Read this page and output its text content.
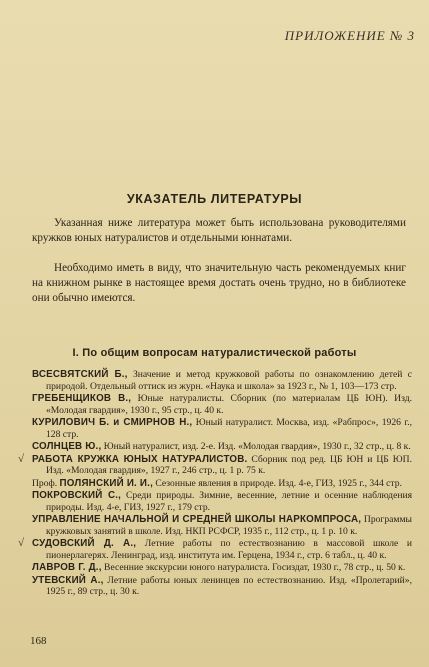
ПРИЛОЖЕНИЕ № 3
УКАЗАТЕЛЬ ЛИТЕРАТУРЫ

Указанная ниже литература может быть использована руководителями кружков юных натуралистов и отдельными юннатами.

Необходимо иметь в виду, что значительную часть рекомендуемых книг на книжном рынке в настоящее время достать очень трудно, но в библиотеке они обычно имеются.

I. По общим вопросам натуралистической работы
ВСЕСВЯТСКИЙ Б., Значение и метод кружковой работы по ознакомлению детей с природой. Отдельный оттиск из журн. «Наука и школа» за 1923 г., № 1, 103—173 стр.
ГРЕБЕНЩИКОВ В., Юные натуралисты. Сборник (по материалам ЦБ ЮН). Изд. «Молодая гвардия», 1930 г., 95 стр., ц. 40 к.
КУРИЛОВИЧ Б. и СМИРНОВ Н., Юный натуралист. Москва, изд. «Рабпрос», 1926 г., 128 стр.
СОЛНЦЕВ Ю., Юный натуралист, изд. 2-е. Изд. «Молодая гвардия», 1930 г., 32 стр., ц. 8 к.
√ РАБОТА КРУЖКА ЮНЫХ НАТУРАЛИСТОВ. Сборник под ред. ЦБ ЮН и ЦБ ЮП. Изд. «Молодая гвардия», 1927 г., 246 стр., ц. 1 р. 75 к.
Проф. ПОЛЯНСКИЙ И. И., Сезонные явления в природе. Изд. 4-е, ГИЗ, 1925 г., 344 стр.
ПОКРОВСКИЙ С., Среди природы. Зимние, весенние, летние и осенние наблюдения природы. Изд. 4-е, ГИЗ, 1927 г., 179 стр.
УПРАВЛЕНИЕ НАЧАЛЬНОЙ И СРЕДНЕЙ ШКОЛЫ НАРКОМПРОСА, Программы кружковых занятий в школе. Изд. НКП РСФСР, 1935 г., 112 стр., ц. 1 р. 10 к.
√ СУДОВСКИЙ Д. А., Летние работы по естествознанию в массовой школе и пионерлагерях. Ленинград, изд. института им. Герцена, 1934 г., стр. 6 табл., ц. 40 к.
ЛАВРОВ Г. Д., Весенние экскурсии юного натуралиста. Госиздат, 1930 г., 78 стр., ц. 50 к.
УТЕВСКИЙ А., Летние работы юных ленинцев по естествознанию. Изд. «Пролетарий», 1925 г., 89 стр., ц. 30 к.
168
